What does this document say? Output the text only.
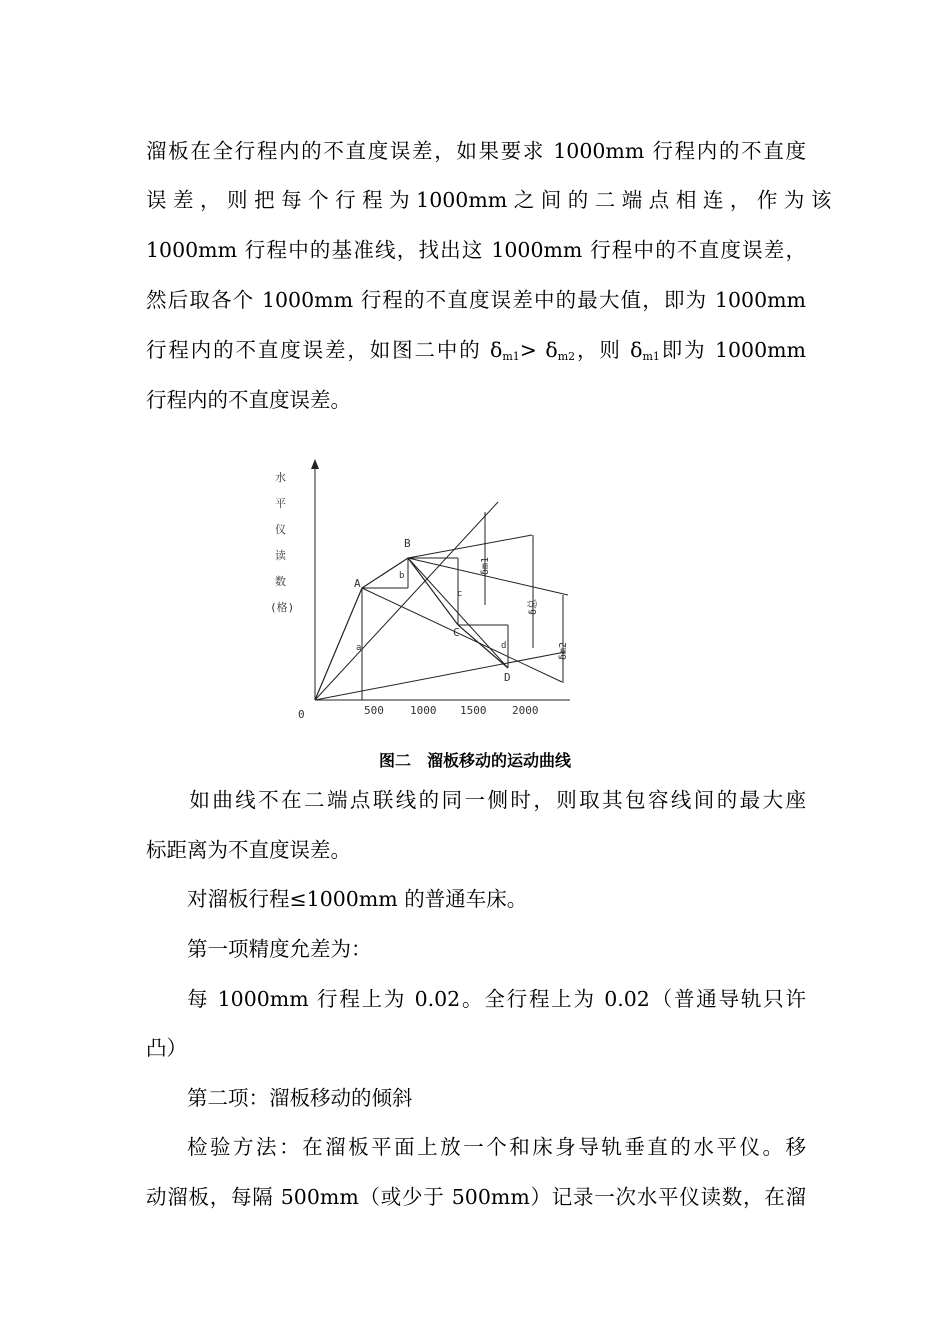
溜板在全行程内的不直度误差，如果要求 1000mm 行程内的不直度
误 差 ， 则 把 每 个 行 程 为 1000mm 之 间 的 二 端 点 相 连 ， 作 为 该
1000mm 行程中的基准线，找出这 1000mm 行程中的不直度误差，
然后取各个 1000mm 行程的不直度误差中的最大值，即为 1000mm
行程内的不直度误差，如图二中的 $\delta_{m1}> \delta_{m2}$，则 $\delta_{m1}$即为 1000mm
行程内的不直度误差。
水
平
仪
读
数
(格)
0	500 1000 1500 2000
A
B
C
D
a
b
c
d
δm1
δ总
δm2
图二　溜板移动的运动曲线
如曲线不在二端点联线的同一侧时，则取其包容线间的最大座
标距离为不直度误差。
对溜板行程≤1000mm 的普通车床。
第一项精度允差为：
每 1000mm 行程上为 0.02。全行程上为 0.02（普通导轨只许
凸）
第二项：溜板移动的倾斜
检验方法：在溜板平面上放一个和床身导轨垂直的水平仪。移
动溜板，每隔 500mm（或少于 500mm）记录一次水平仪读数，在溜
